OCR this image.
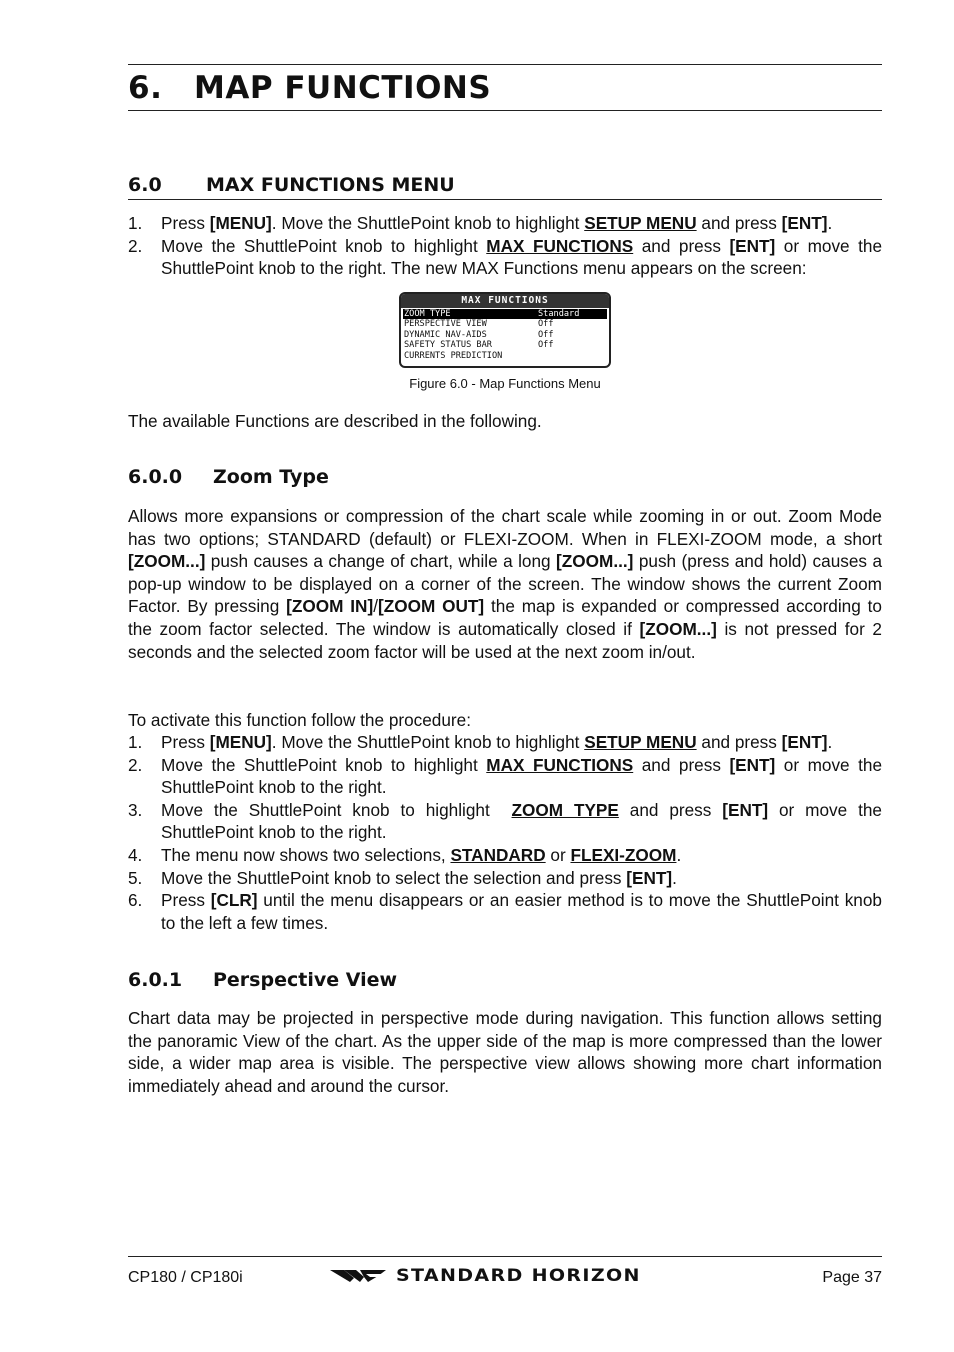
6. MAP FUNCTIONS
6.0 MAX FUNCTIONS MENU
1. Press [MENU]. Move the ShuttlePoint knob to highlight SETUP MENU and press [ENT].
2. Move the ShuttlePoint knob to highlight MAX FUNCTIONS and press [ENT] or move the ShuttlePoint knob to the right. The new MAX Functions menu appears on the screen:
MAX FUNCTIONS
ZOOM TYPE	Standard
PERSPECTIVE VIEW	Off
DYNAMIC NAV-AIDS	Off
SAFETY STATUS BAR	Off
CURRENTS PREDICTION
Figure 6.0 - Map Functions Menu

The available Functions are described in the following.

6.0.0 Zoom Type

Allows more expansions or compression of the chart scale while zooming in or out. Zoom Mode has two options; STANDARD (default) or FLEXI-ZOOM. When in FLEXI-ZOOM mode, a short [ZOOM...] push causes a change of chart, while a long [ZOOM...] push (press and hold) causes a pop-up window to be displayed on a corner of the screen. The window shows the current Zoom Factor. By pressing [ZOOM IN]/[ZOOM OUT] the map is expanded or compressed according to the zoom factor selected. The window is automatically closed if [ZOOM...] is not pressed for 2 seconds and the selected zoom factor will be used at the next zoom in/out.

To activate this function follow the procedure:

1. Press [MENU]. Move the ShuttlePoint knob to highlight SETUP MENU and press [ENT].
2. Move the ShuttlePoint knob to highlight MAX FUNCTIONS and press [ENT] or move the ShuttlePoint knob to the right.
3. Move the ShuttlePoint knob to highlight  ZOOM TYPE and press [ENT] or move the ShuttlePoint knob to the right.
4. The menu now shows two selections, STANDARD or FLEXI-ZOOM.
5. Move the ShuttlePoint knob to select the selection and press [ENT].
6. Press [CLR] until the menu disappears or an easier method is to move the ShuttlePoint knob to the left a few times.
6.0.1 Perspective View

Chart data may be projected in perspective mode during navigation. This function allows setting the panoramic View of the chart. As the upper side of the map is more compressed than the lower side, a wider map area is visible. The perspective view allows showing more chart information immediately ahead and around the cursor.

CP180 / CP180i	STANDARD HORIZON	Page 37
